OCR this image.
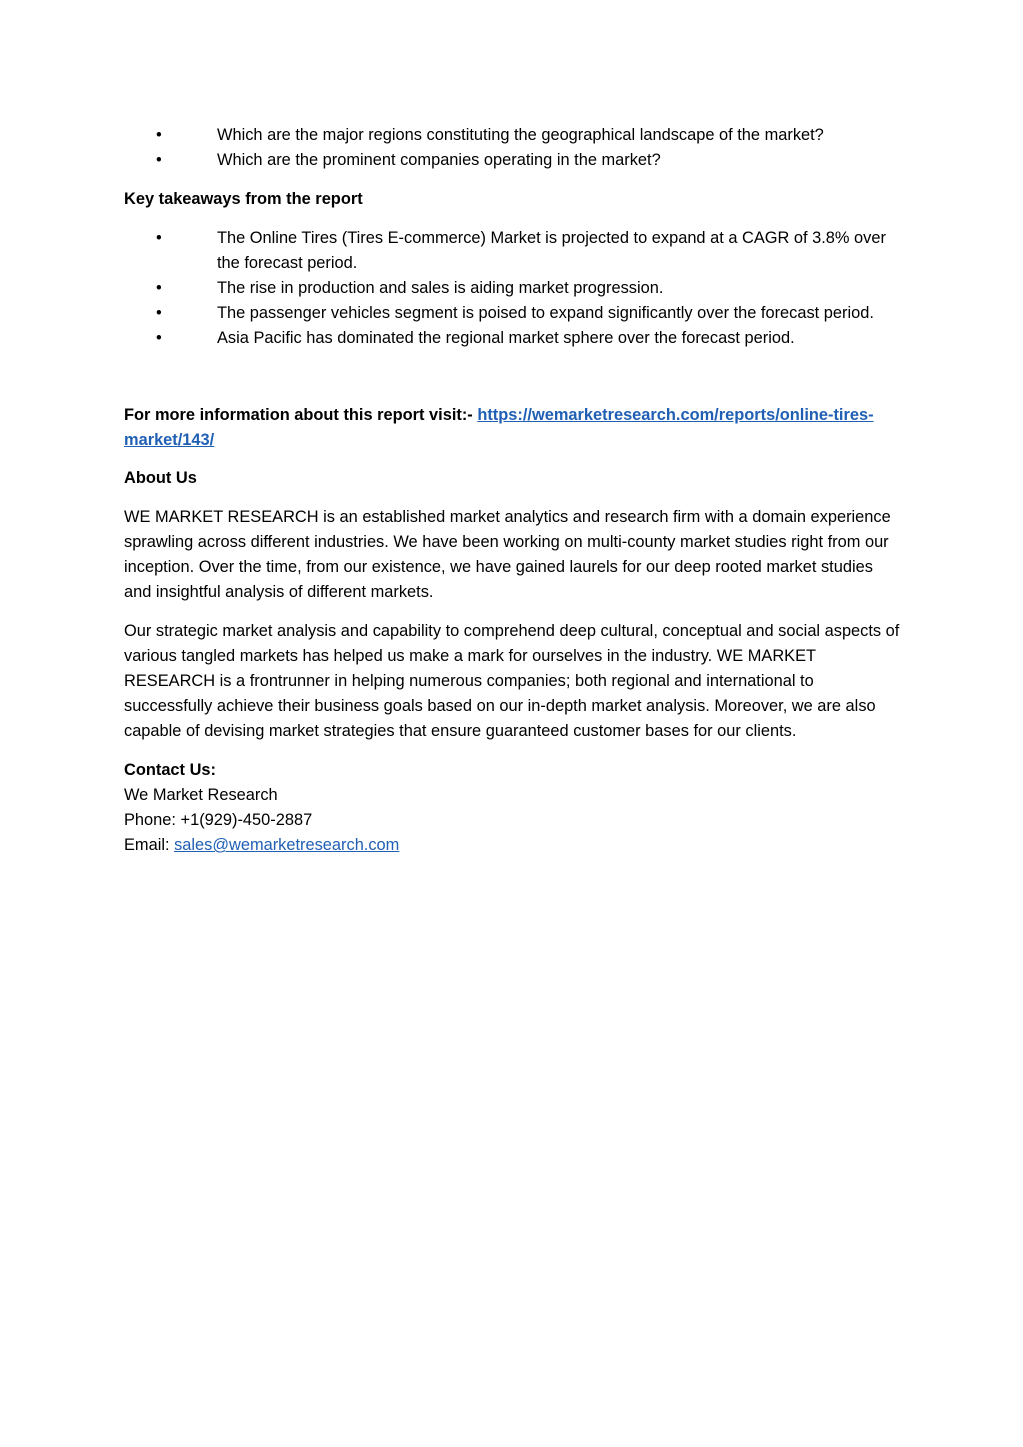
•	Which are the major regions constituting the geographical landscape of the market?
•	Which are the prominent companies operating in the market?

Key takeaways from the report

•	The Online Tires (Tires E-commerce) Market is projected to expand at a CAGR of 3.8% over the forecast period.
•	The rise in production and sales is aiding market progression.
•	The passenger vehicles segment is poised to expand significantly over the forecast period.
•	Asia Pacific has dominated the regional market sphere over the forecast period.

For more information about this report visit:- https://wemarketresearch.com/reports/online-tires-market/143/

About Us

WE MARKET RESEARCH is an established market analytics and research firm with a domain experience sprawling across different industries. We have been working on multi-county market studies right from our inception. Over the time, from our existence, we have gained laurels for our deep rooted market studies and insightful analysis of different markets.

Our strategic market analysis and capability to comprehend deep cultural, conceptual and social aspects of various tangled markets has helped us make a mark for ourselves in the industry. WE MARKET RESEARCH is a frontrunner in helping numerous companies; both regional and international to successfully achieve their business goals based on our in-depth market analysis. Moreover, we are also capable of devising market strategies that ensure guaranteed customer bases for our clients.

Contact Us:
We Market Research
Phone: +1(929)-450-2887
Email: sales@wemarketresearch.com
